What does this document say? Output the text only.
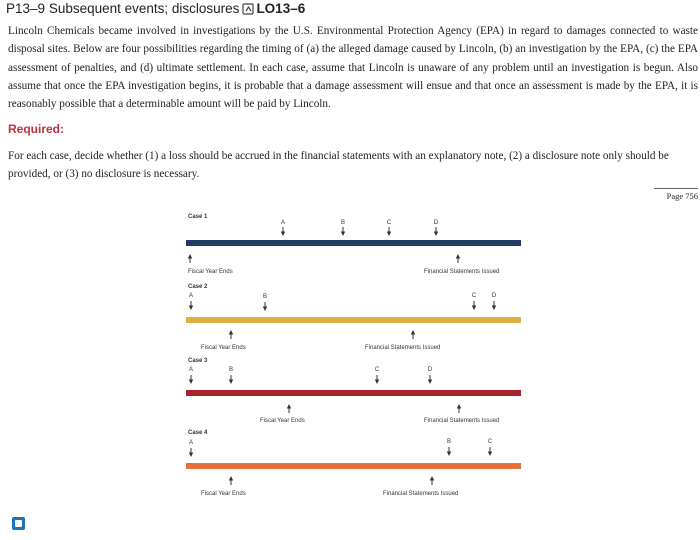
P13–9 Subsequent events; disclosures LO13–6

Lincoln Chemicals became involved in investigations by the U.S. Environmental Protection Agency (EPA) in regard to damages connected to waste disposal sites. Below are four possibilities regarding the timing of (a) the alleged damage caused by Lincoln, (b) an investigation by the EPA, (c) the EPA assessment of penalties, and (d) ultimate settlement. In each case, assume that Lincoln is unaware of any problem until an investigation is begun. Also assume that once the EPA investigation begins, it is probable that a damage assessment will ensue and that once an assessment is made by the EPA, it is reasonably possible that a determinable amount will be paid by Lincoln.

Required:

For each case, decide whether (1) a loss should be accrued in the financial statements with an explanatory note, (2) a disclosure note only should be provided, or (3) no disclosure is necessary.

Page 756
Case 1
A	B	C	D
Fiscal Year Ends	Financial Statements Issued
Case 2
A	B	C	D
Fiscal Year Ends	Financial Statements Issued
Case 3
A	B	C	D
Fiscal Year Ends	Financial Statements Issued
Case 4
A	B	C
Fiscal Year Ends	Financial Statements Issued
